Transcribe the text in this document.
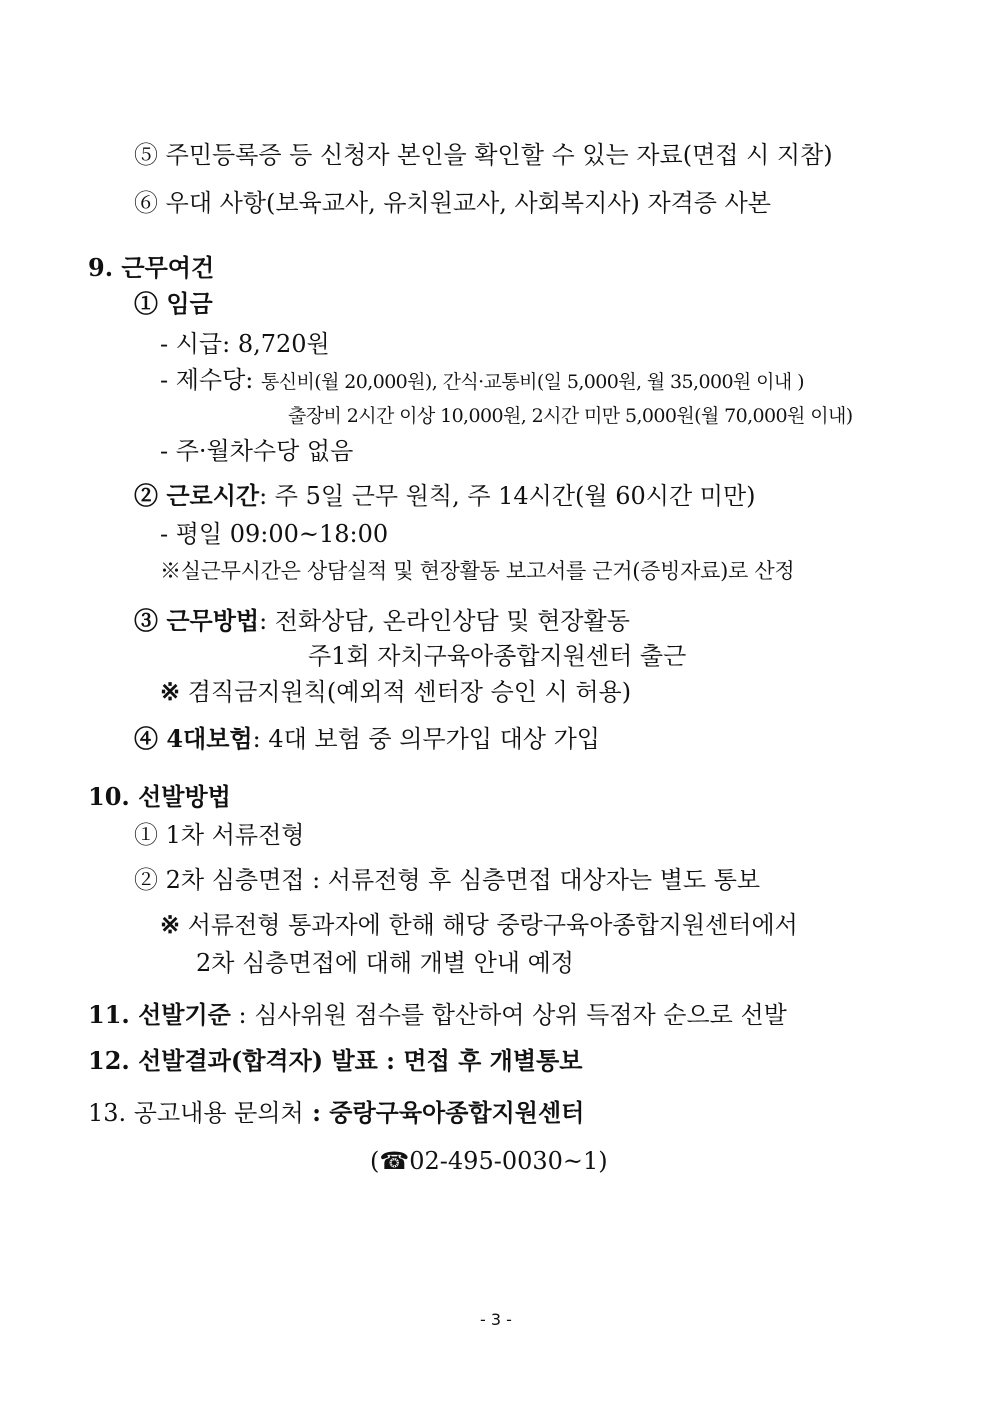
⑤ 주민등록증 등 신청자 본인을 확인할 수 있는 자료(면접 시 지참)
⑥ 우대 사항(보육교사, 유치원교사, 사회복지사) 자격증 사본
9. 근무여건
① 임금
- 시급: 8,720원
- 제수당: 통신비(월 20,000원), 간식·교통비(일 5,000원, 월 35,000원 이내 )
출장비 2시간 이상 10,000원, 2시간 미만 5,000원(월 70,000원 이내)
- 주·월차수당 없음
② 근로시간: 주 5일 근무 원칙, 주 14시간(월 60시간 미만)
- 평일 09:00~18:00
※실근무시간은 상담실적 및 현장활동 보고서를 근거(증빙자료)로 산정
③ 근무방법: 전화상담, 온라인상담 및 현장활동
주1회 자치구육아종합지원센터 출근
※ 겸직금지원칙(예외적 센터장 승인 시 허용)
④ 4대보험: 4대 보험 중 의무가입 대상 가입
10. 선발방법
① 1차 서류전형
② 2차 심층면접 : 서류전형 후 심층면접 대상자는 별도 통보
※ 서류전형 통과자에 한해 해당 중랑구육아종합지원센터에서
2차 심층면접에 대해 개별 안내 예정
11. 선발기준 : 심사위원 점수를 합산하여 상위 득점자 순으로 선발
12. 선발결과(합격자) 발표 : 면접 후 개별통보
13. 공고내용 문의처 : 중랑구육아종합지원센터
(☎02-495-0030~1)
- 3 -
